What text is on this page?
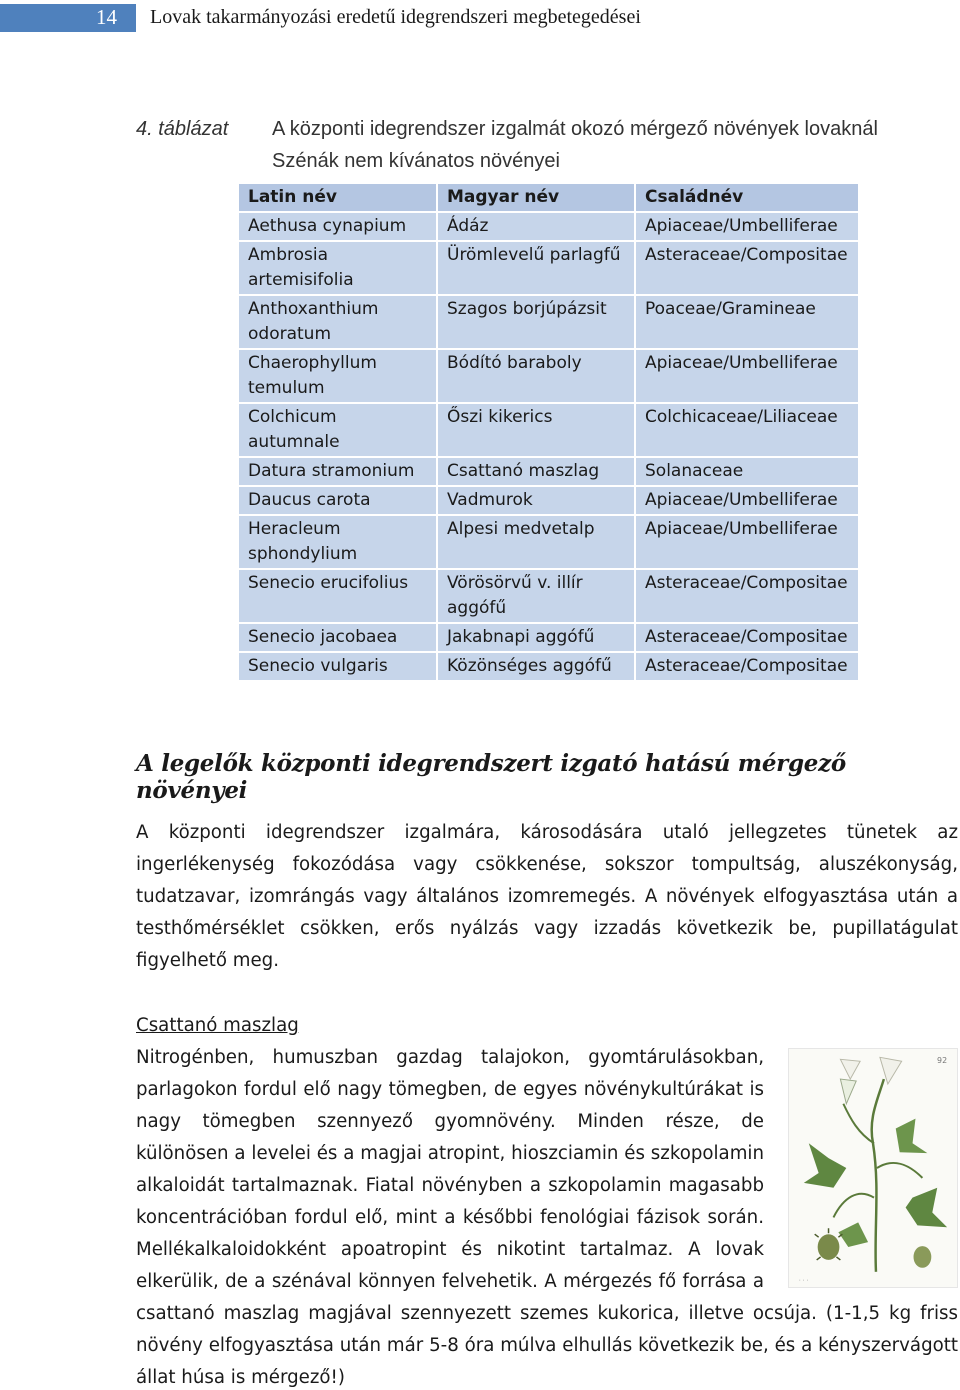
14 Lovak takarmányozási eredetű idegrendszeri megbetegedései
4. táblázat A központi idegrendszer izgalmát okozó mérgező növények lovaknál
Szénák nem kívánatos növényei
Latin név	Magyar név	Családnév
Aethusa cynapium	Ádáz	Apiaceae/Umbelliferae
Ambrosia artemisifolia	Ürömlevelű parlagfű	Asteraceae/Compositae
Anthoxanthium odoratum	Szagos borjúpázsit	Poaceae/Gramineae
Chaerophyllum temulum	Bódító baraboly	Apiaceae/Umbelliferae
Colchicum autumnale	Őszi kikerics	Colchicaceae/Liliaceae
Datura stramonium	Csattanó maszlag	Solanaceae
Daucus carota	Vadmurok	Apiaceae/Umbelliferae
Heracleum sphondylium	Alpesi medvetalp	Apiaceae/Umbelliferae
Senecio erucifolius	Vörösörvű v. illír aggófű	Asteraceae/Compositae
Senecio jacobaea	Jakabnapi aggófű	Asteraceae/Compositae
Senecio vulgaris	Közönséges aggófű	Asteraceae/Compositae
A legelők központi idegrendszert izgató hatású mérgező növényei

A központi idegrendszer izgalmára, károsodására utaló jellegzetes tünetek az ingerlékenység fokozódása vagy csökkenése, sokszor tompultság, aluszékonyság, tudatzavar, izomrángás vagy általános izomremegés. A növények elfogyasztása után a testhőmérséklet csökken, erős nyálzás vagy izzadás következik be, pupillatágulat figyelhető meg.

Csattanó maszlag
92
· · ·
Nitrogénben, humuszban gazdag talajokon, gyomtárulásokban, parlagokon fordul elő nagy tömegben, de egyes növénykultúrákat is nagy tömegben szennyező gyomnövény. Minden része, de különösen a levelei és a magjai atropint, hioszciamin és szkopolamin alkaloidát tartalmaznak. Fiatal növényben a szkopolamin magasabb koncentrációban fordul elő, mint a későbbi fenológiai fázisok során. Mellékalkaloidokként apoatropint és nikotint tartalmaz. A lovak elkerülik, de a szénával könnyen felvehetik. A mérgezés fő forrása a csattanó maszlag magjával szennyezett szemes kukorica, illetve ocsúja. (1-1,5 kg friss növény elfogyasztása után már 5-8 óra múlva elhullás következik be, és a kényszervágott állat húsa is mérgező!)
